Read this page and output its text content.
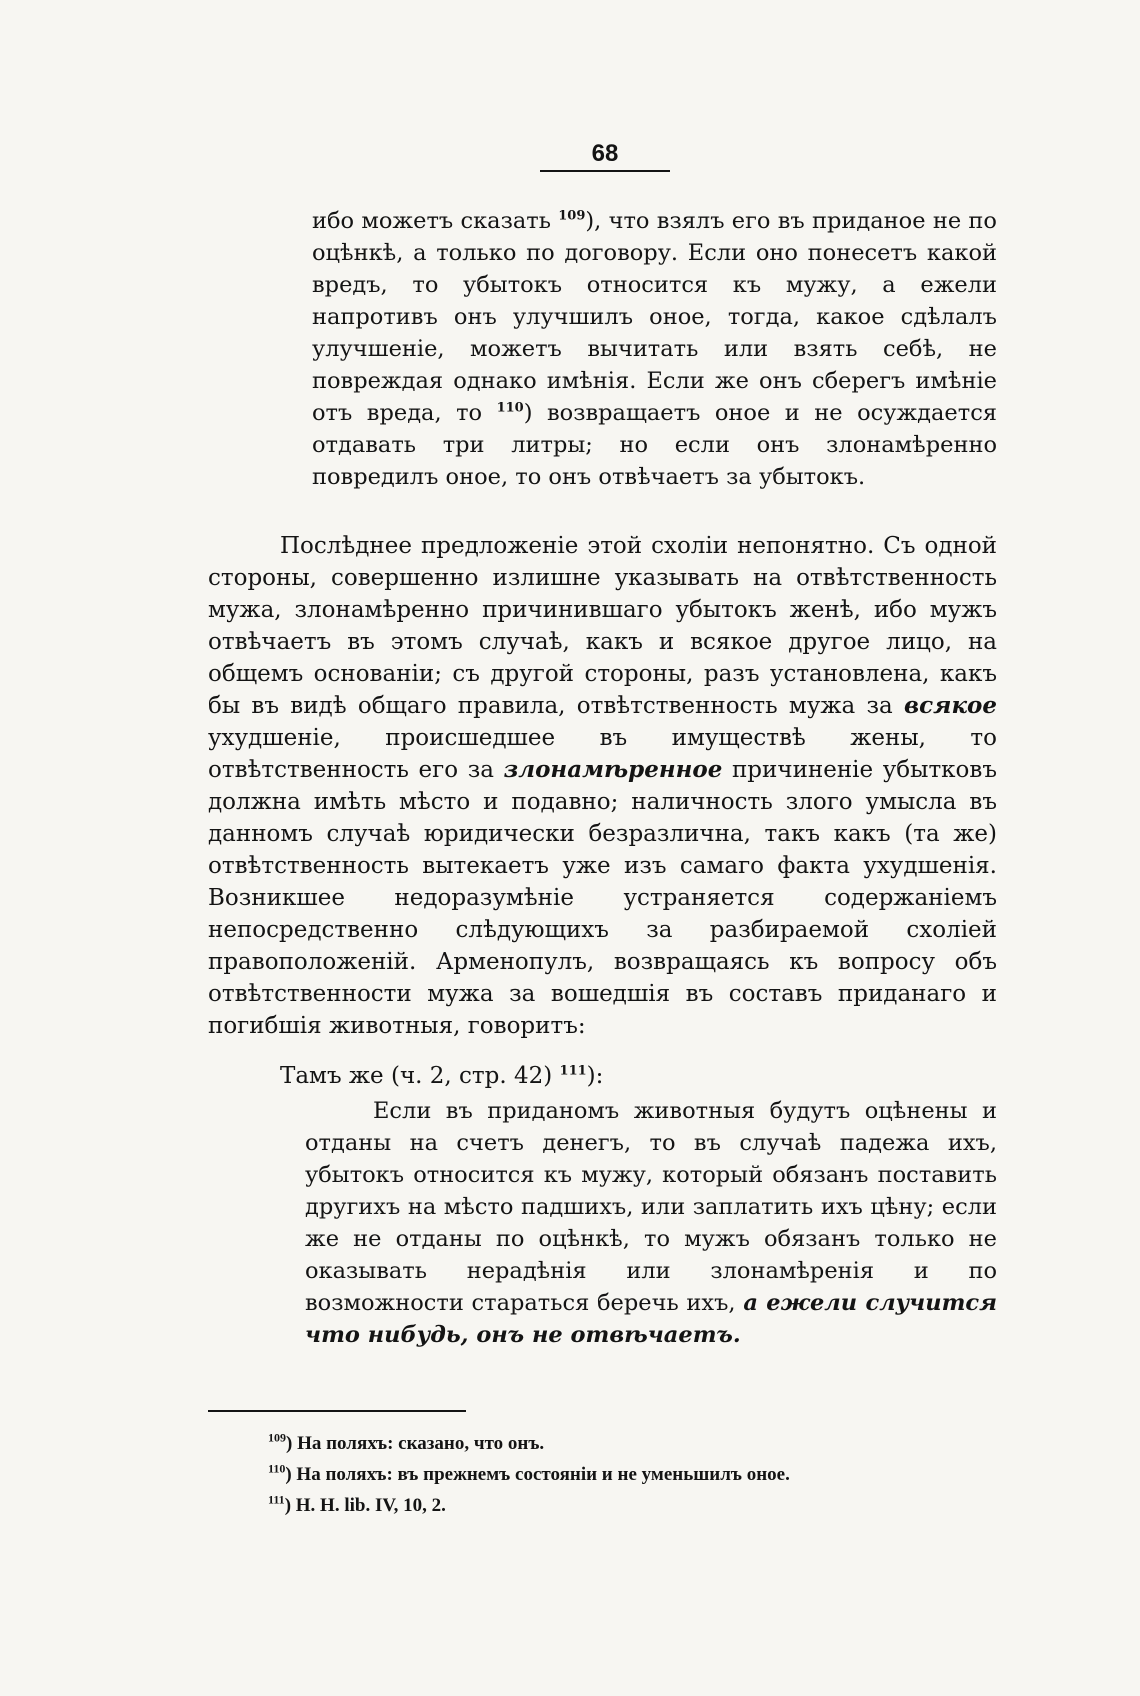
68
ибо можетъ сказать $^{109}$), что взялъ его въ приданое не по оцѣнкѣ, а только по договору. Если оно понесетъ какой вредъ, то убытокъ относится къ мужу, а ежели напротивъ онъ улучшилъ оное, тогда, какое сдѣлалъ улучшеніе, можетъ вычитать или взять себѣ, не повреждая однако имѣнія. Если же онъ сберегъ имѣніе отъ вреда, то $^{110}$) возвращаетъ оное и не осуждается отдавать три литры; но если онъ злонамѣренно повредилъ оное, то онъ отвѣчаетъ за убытокъ.
Послѣднее предложеніе этой схоліи непонятно. Съ одной стороны, совершенно излишне указывать на отвѣтственность мужа, злонамѣренно причинившаго убытокъ женѣ, ибо мужъ отвѣчаетъ въ этомъ случаѣ, какъ и всякое другое лицо, на общемъ основаніи; съ другой стороны, разъ установлена, какъ бы въ видѣ общаго правила, отвѣтственность мужа за всякое ухудшеніе, происшедшее въ имуществѣ жены, то отвѣтственность его за злонамѣренное причиненіе убытковъ должна имѣть мѣсто и подавно; наличность злого умысла въ данномъ случаѣ юридически безразлична, такъ какъ (та же) отвѣтственность вытекаетъ уже изъ самаго факта ухудшенія. Возникшее недоразумѣніе устраняется содержаніемъ непосредственно слѣдующихъ за разбираемой схоліей правоположеній. Арменопулъ, возвращаясь къ вопросу объ отвѣтственности мужа за вошедшія въ составъ приданаго и погибшія животныя, говоритъ:
Тамъ же (ч. 2, стр. 42) $^{111}$):
Если въ приданомъ животныя будутъ оцѣнены и отданы на счетъ денегъ, то въ случаѣ падежа ихъ, убытокъ относится къ мужу, который обязанъ поставить другихъ на мѣсто падшихъ, или заплатить ихъ цѣну; если же не отданы по оцѣнкѣ, то мужъ обязанъ только не оказывать нерадѣнія или злонамѣренія и по возможности стараться беречь ихъ, а ежели случится что нибудь, онъ не отвѣчаетъ.
$^{109}$) На поляхъ: сказано, что онъ.
$^{110}$) На поляхъ: въ прежнемъ состояніи и не уменьшилъ оное.
$^{111}$) Н. Н. lib. IV, 10, 2.
